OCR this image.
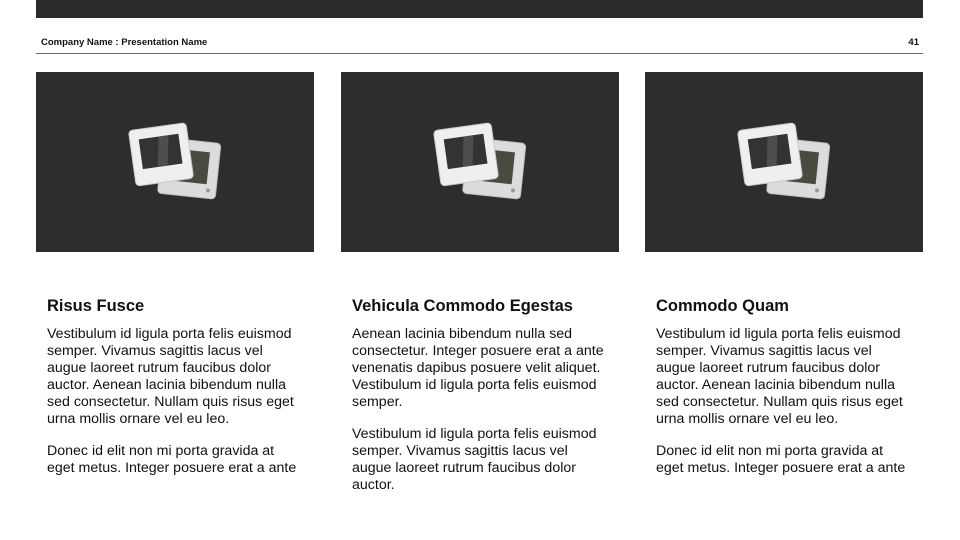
Company Name : Presentation Name	41
Risus Fusce

Vestibulum id ligula porta felis euismod semper. Vivamus sagittis lacus vel augue laoreet rutrum faucibus dolor auctor. Aenean lacinia bibendum nulla sed consectetur. Nullam quis risus eget urna mollis ornare vel eu leo.

Donec id elit non mi porta gravida at eget metus. Integer posuere erat a ante

Vehicula Commodo Egestas

Aenean lacinia bibendum nulla sed consectetur. Integer posuere erat a ante venenatis dapibus posuere velit aliquet. Vestibulum id ligula porta felis euismod semper.

Vestibulum id ligula porta felis euismod semper. Vivamus sagittis lacus vel augue laoreet rutrum faucibus dolor auctor.

Commodo Quam

Vestibulum id ligula porta felis euismod semper. Vivamus sagittis lacus vel augue laoreet rutrum faucibus dolor auctor. Aenean lacinia bibendum nulla sed consectetur. Nullam quis risus eget urna mollis ornare vel eu leo.

Donec id elit non mi porta gravida at eget metus. Integer posuere erat a ante
